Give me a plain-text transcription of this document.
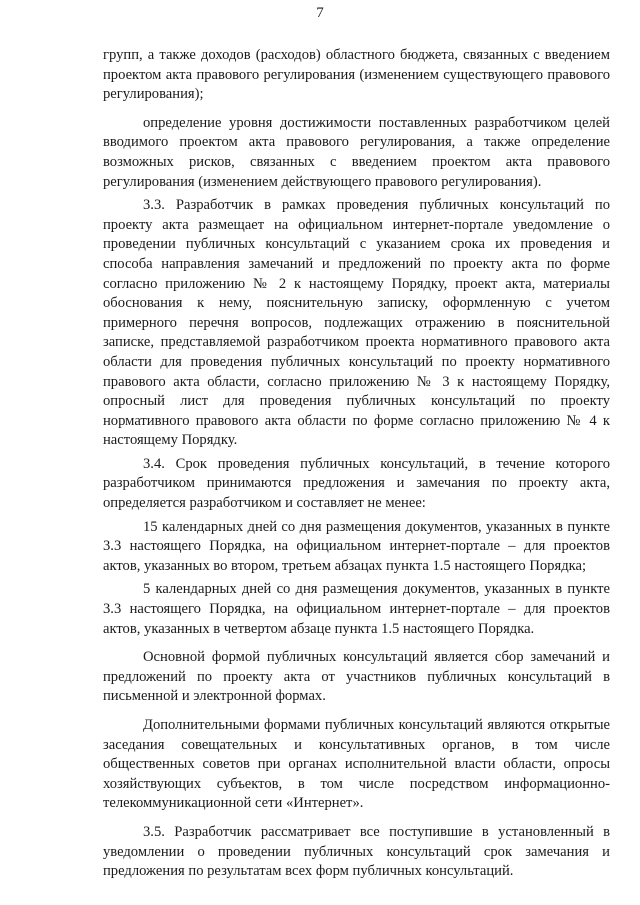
7

групп, а также доходов (расходов) областного бюджета, связанных с введением проектом акта правового регулирования (изменением существующего правового регулирования);

определение уровня достижимости поставленных разработчиком целей вводимого проектом акта правового регулирования, а также определение возможных рисков, связанных с введением проектом акта правового регулирования (изменением действующего правового регулирования).

3.3. Разработчик в рамках проведения публичных консультаций по проекту акта размещает на официальном интернет-портале уведомление о проведении публичных консультаций с указанием срока их проведения и способа направления замечаний и предложений по проекту акта по форме согласно приложению № 2 к настоящему Порядку, проект акта, материалы обоснования к нему, пояснительную записку, оформленную с учетом примерного перечня вопросов, подлежащих отражению в пояснительной записке, представляемой разработчиком проекта нормативного правового акта области для проведения публичных консультаций по проекту нормативного правового акта области, согласно приложению № 3 к настоящему Порядку, опросный лист для проведения публичных консультаций по проекту нормативного правового акта области по форме согласно приложению № 4 к настоящему Порядку.

3.4. Срок проведения публичных консультаций, в течение которого разработчиком принимаются предложения и замечания по проекту акта, определяется разработчиком и составляет не менее:

15 календарных дней со дня размещения документов, указанных в пункте 3.3 настоящего Порядка, на официальном интернет-портале – для проектов актов, указанных во втором, третьем абзацах пункта 1.5 настоящего Порядка;

5 календарных дней со дня размещения документов, указанных в пункте 3.3 настоящего Порядка, на официальном интернет-портале – для проектов актов, указанных в четвертом абзаце пункта 1.5 настоящего Порядка.

Основной формой публичных консультаций является сбор замечаний и предложений по проекту акта от участников публичных консультаций в письменной и электронной формах.

Дополнительными формами публичных консультаций являются открытые заседания совещательных и консультативных органов, в том числе общественных советов при органах исполнительной власти области, опросы хозяйствующих субъектов, в том числе посредством информационно-телекоммуникационной сети «Интернет».

3.5. Разработчик рассматривает все поступившие в установленный в уведомлении о проведении публичных консультаций срок замечания и предложения по результатам всех форм публичных консультаций.
